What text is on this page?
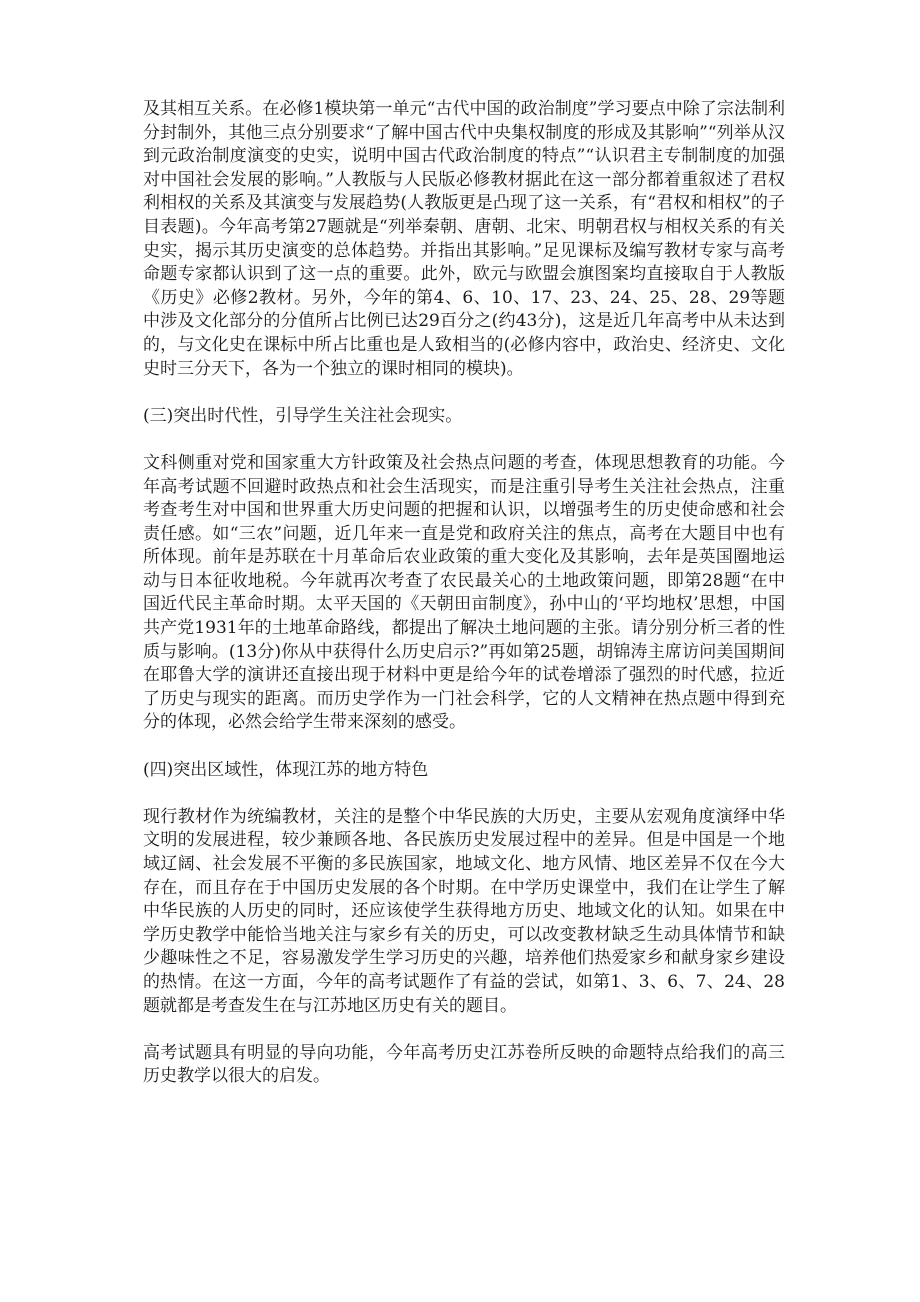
及其相互关系。在必修1模块第一单元“古代中国的政治制度”学习要点中除了宗法制利分封制外，其他三点分别要求“了解中国古代中央集权制度的形成及其影响”“列举从汉到元政治制度演变的史实，说明中国古代政治制度的特点”“认识君主专制制度的加强对中国社会发展的影响。”人教版与人民版必修教材据此在这一部分都着重叙述了君权利相权的关系及其演变与发展趋势(人教版更是凸现了这一关系，有“君权和相权”的子目表题)。今年高考第27题就是“列举秦朝、唐朝、北宋、明朝君权与相权关系的有关史实，揭示其历史演变的总体趋势。并指出其影响。”足见课标及编写教材专家与高考命题专家都认识到了这一点的重要。此外，欧元与欧盟会旗图案均直接取自于人教版《历史》必修2教材。另外，今年的第4、6、10、17、23、24、25、28、29等题中涉及文化部分的分值所占比例已达29百分之(约43分)，这是近几年高考中从未达到的，与文化史在课标中所占比重也是人致相当的(必修内容中，政治史、经济史、文化史时三分天下，各为一个独立的课时相同的模块)。

(三)突出时代性，引导学生关注社会现实。

文科侧重对党和国家重大方针政策及社会热点问题的考查，体现思想教育的功能。今年高考试题不回避时政热点和社会生活现实，而是注重引导考生关注社会热点，注重考查考生对中国和世界重大历史问题的把握和认识，以增强考生的历史使命感和社会责任感。如“三农”问题，近几年来一直是党和政府关注的焦点，高考在大题目中也有所体现。前年是苏联在十月革命后农业政策的重大变化及其影响，去年是英国圈地运动与日本征收地税。今年就再次考查了农民最关心的土地政策问题，即第28题“在中国近代民主革命时期。太平天国的《天朝田亩制度》，孙中山的‘平均地权’思想，中国共产党1931年的土地革命路线，都提出了解决土地问题的主张。请分别分析三者的性质与影响。(13分)你从中获得什么历史启示?”再如第25题，胡锦涛主席访问美国期间在耶鲁大学的演讲还直接出现于材料中更是给今年的试卷增添了强烈的时代感，拉近了历史与现实的距离。而历史学作为一门社会科学，它的人文精神在热点题中得到充分的体现，必然会给学生带来深刻的感受。

(四)突出区域性，体现江苏的地方特色

现行教材作为统编教材，关注的是整个中华民族的大历史，主要从宏观角度演绎中华文明的发展进程，较少兼顾各地、各民族历史发展过程中的差异。但是中国是一个地域辽阔、社会发展不平衡的多民族国家，地域文化、地方风情、地区差异不仅在今大存在，而且存在于中国历史发展的各个时期。在中学历史课堂中，我们在让学生了解中华民族的人历史的同时，还应该使学生获得地方历史、地域文化的认知。如果在中学历史教学中能恰当地关注与家乡有关的历史，可以改变教材缺乏生动具体情节和缺少趣味性之不足，容易激发学生学习历史的兴趣，培养他们热爱家乡和献身家乡建设的热情。在这一方面，今年的高考试题作了有益的尝试，如第1、3、6、7、24、28题就都是考查发生在与江苏地区历史有关的题目。

高考试题具有明显的导向功能，今年高考历史江苏卷所反映的命题特点给我们的高三历史教学以很大的启发。
